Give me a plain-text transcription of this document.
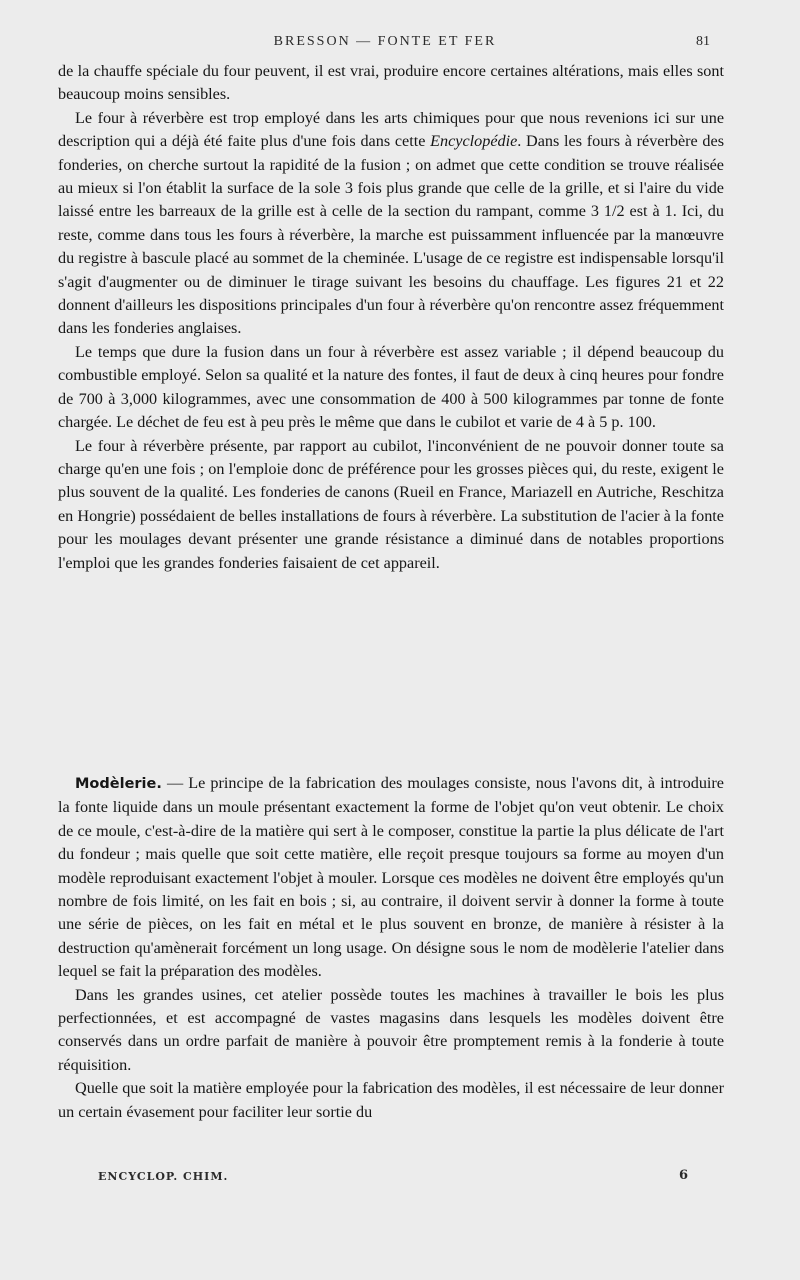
BRESSON — FONTE ET FER	81

de la chauffe spéciale du four peuvent, il est vrai, produire encore certaines altérations, mais elles sont beaucoup moins sensibles.

Le four à réverbère est trop employé dans les arts chimiques pour que nous revenions ici sur une description qui a déjà été faite plus d'une fois dans cette Encyclopédie. Dans les fours à réverbère des fonderies, on cherche surtout la rapidité de la fusion ; on admet que cette condition se trouve réalisée au mieux si l'on établit la surface de la sole 3 fois plus grande que celle de la grille, et si l'aire du vide laissé entre les barreaux de la grille est à celle de la section du rampant, comme 3 1/2 est à 1. Ici, du reste, comme dans tous les fours à réverbère, la marche est puissamment influencée par la manœuvre du registre à bascule placé au sommet de la cheminée. L'usage de ce registre est indispensable lorsqu'il s'agit d'augmenter ou de diminuer le tirage suivant les besoins du chauffage. Les figures 21 et 22 donnent d'ailleurs les dispositions principales d'un four à réverbère qu'on rencontre assez fréquemment dans les fonderies anglaises.

Le temps que dure la fusion dans un four à réverbère est assez variable ; il dépend beaucoup du combustible employé. Selon sa qualité et la nature des fontes, il faut de deux à cinq heures pour fondre de 700 à 3,000 kilogrammes, avec une consommation de 400 à 500 kilogrammes par tonne de fonte chargée. Le déchet de feu est à peu près le même que dans le cubilot et varie de 4 à 5 p. 100.

Le four à réverbère présente, par rapport au cubilot, l'inconvénient de ne pouvoir donner toute sa charge qu'en une fois ; on l'emploie donc de préférence pour les grosses pièces qui, du reste, exigent le plus souvent de la qualité. Les fonderies de canons (Rueil en France, Mariazell en Autriche, Reschitza en Hongrie) possédaient de belles installations de fours à réverbère. La substitution de l'acier à la fonte pour les moulages devant présenter une grande résistance a diminué dans de notables proportions l'emploi que les grandes fonderies faisaient de cet appareil.

Modèlerie. — Le principe de la fabrication des moulages consiste, nous l'avons dit, à introduire la fonte liquide dans un moule présentant exactement la forme de l'objet qu'on veut obtenir. Le choix de ce moule, c'est-à-dire de la matière qui sert à le composer, constitue la partie la plus délicate de l'art du fondeur ; mais quelle que soit cette matière, elle reçoit presque toujours sa forme au moyen d'un modèle reproduisant exactement l'objet à mouler. Lorsque ces modèles ne doivent être employés qu'un nombre de fois limité, on les fait en bois ; si, au contraire, il doivent servir à donner la forme à toute une série de pièces, on les fait en métal et le plus souvent en bronze, de manière à résister à la destruction qu'amènerait forcément un long usage. On désigne sous le nom de modèlerie l'atelier dans lequel se fait la préparation des modèles.

Dans les grandes usines, cet atelier possède toutes les machines à travailler le bois les plus perfectionnées, et est accompagné de vastes magasins dans lesquels les modèles doivent être conservés dans un ordre parfait de manière à pouvoir être promptement remis à la fonderie à toute réquisition.

Quelle que soit la matière employée pour la fabrication des modèles, il est nécessaire de leur donner un certain évasement pour faciliter leur sortie du

ENCYCLOP. CHIM.	6
